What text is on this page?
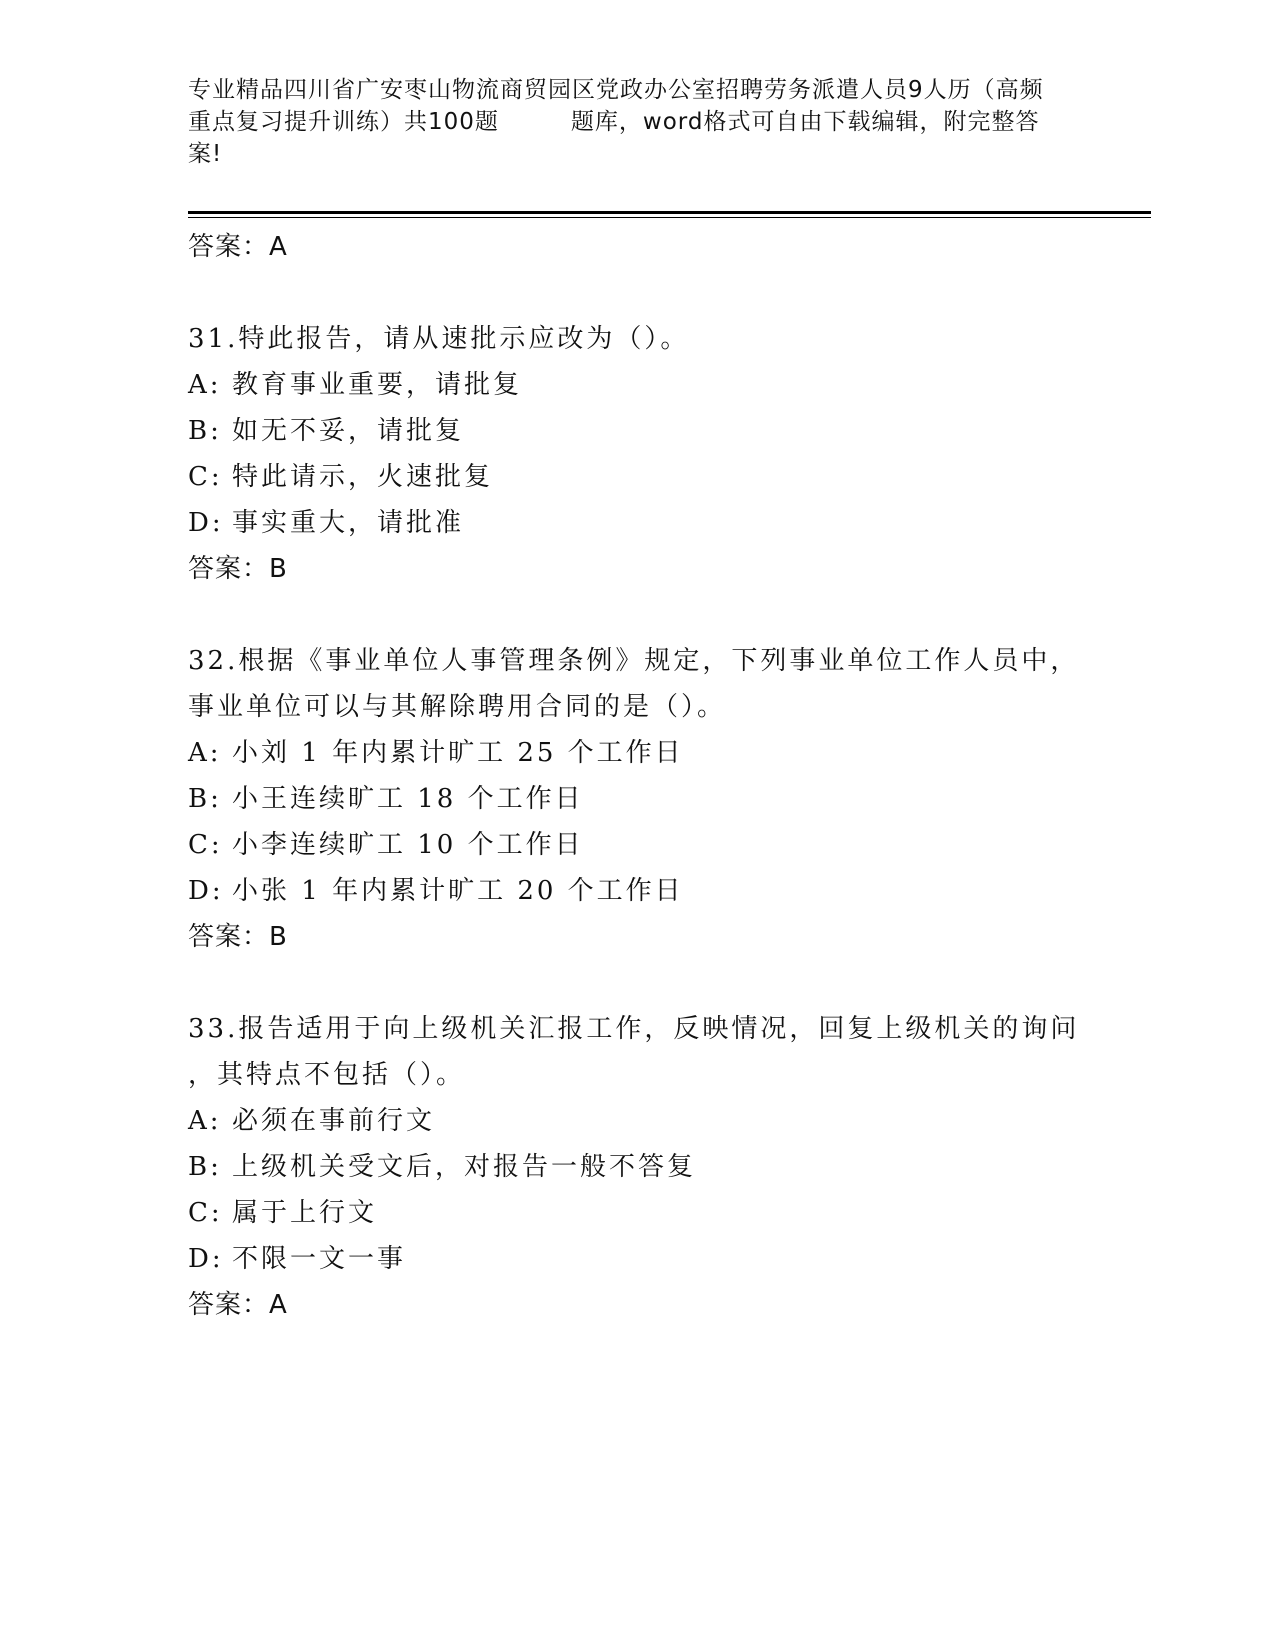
专业精品四川省广安枣山物流商贸园区党政办公室招聘劳务派遣人员9人历（高频
重点复习提升训练）共100题	题库，word格式可自由下载编辑，附完整答
案!
答案：A
31.特此报告，请从速批示应改为（）。
A: 教育事业重要，请批复
B: 如无不妥，请批复
C: 特此请示，火速批复
D: 事实重大，请批准
答案：B
32.根据《事业单位人事管理条例》规定，下列事业单位工作人员中，
事业单位可以与其解除聘用合同的是（）。
A: 小刘 1 年内累计旷工 25 个工作日
B: 小王连续旷工 18 个工作日
C: 小李连续旷工 10 个工作日
D: 小张 1 年内累计旷工 20 个工作日
答案：B
33.报告适用于向上级机关汇报工作，反映情况，回复上级机关的询问
，其特点不包括（）。
A: 必须在事前行文
B: 上级机关受文后，对报告一般不答复
C: 属于上行文
D: 不限一文一事
答案：A
